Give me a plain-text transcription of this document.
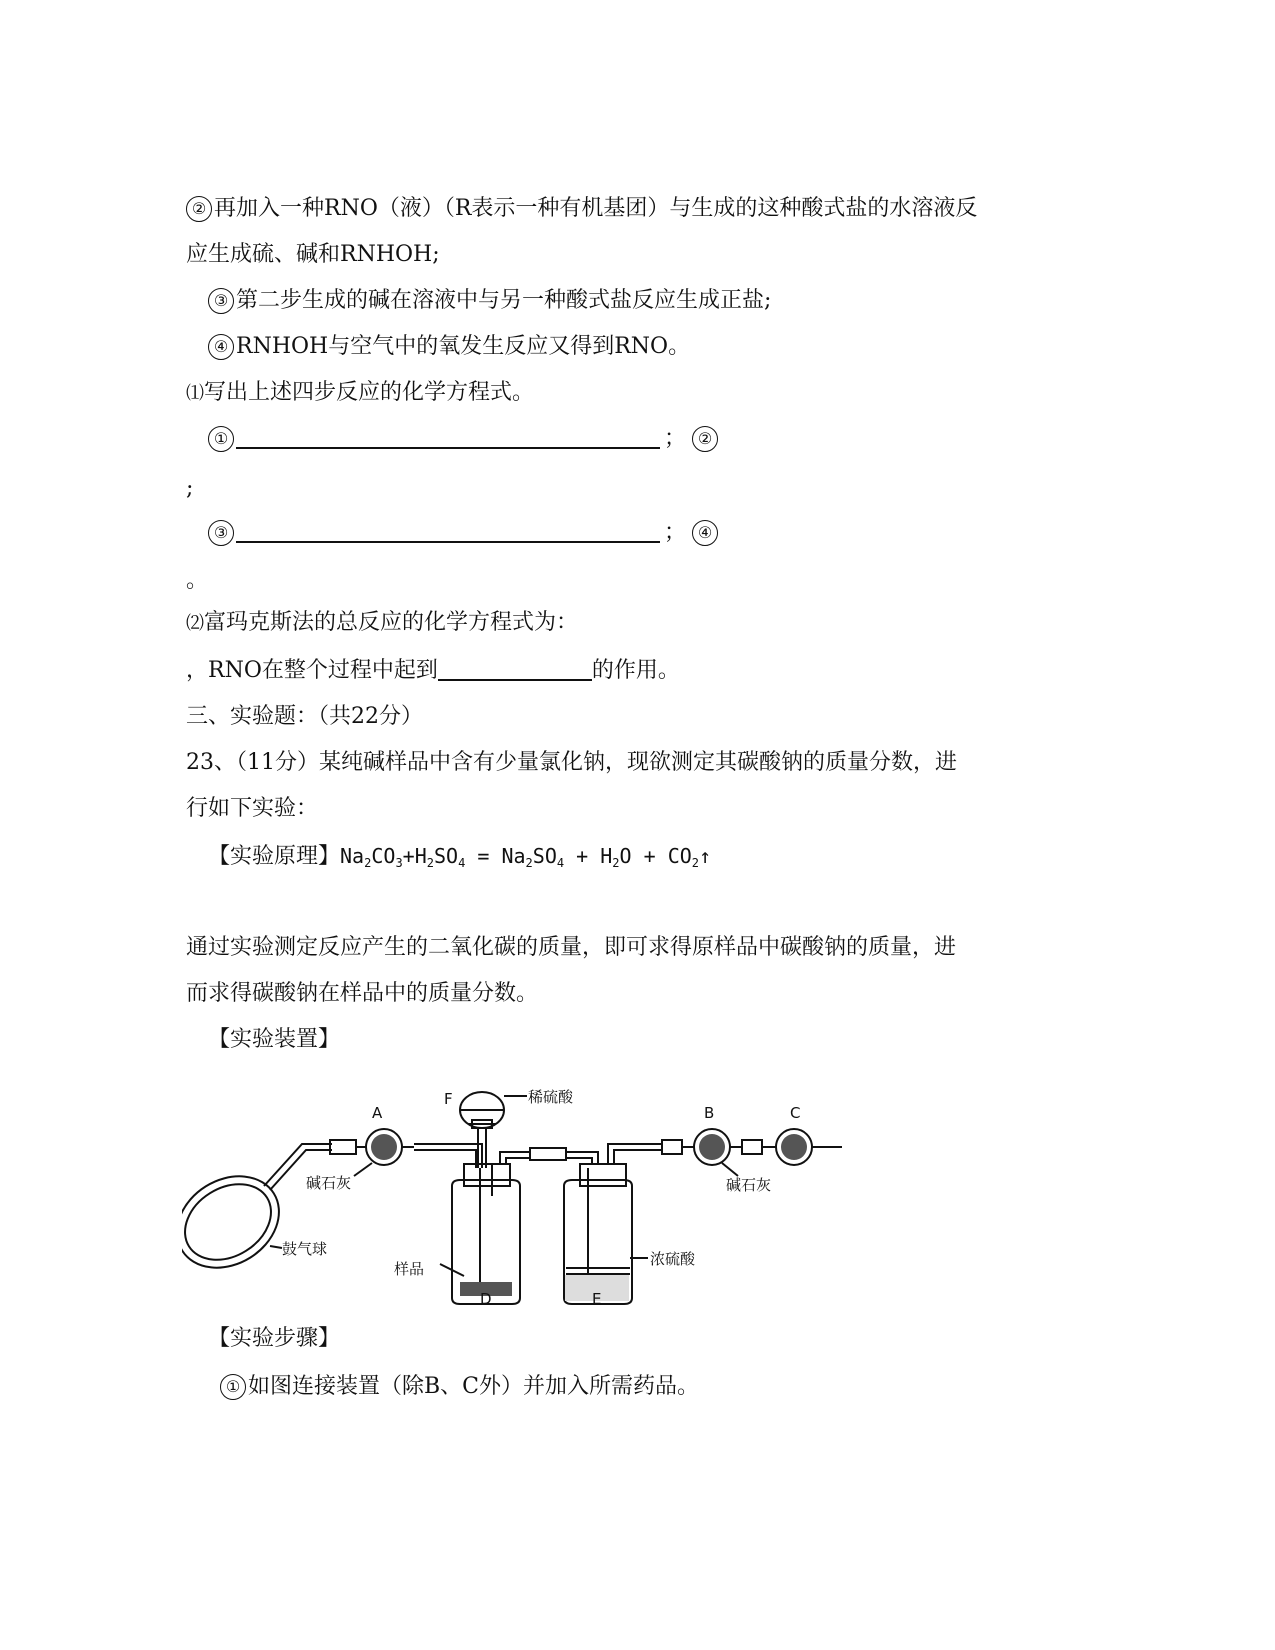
② 再加入一种RNO（液）（R表示一种有机基团）与生成的这种酸式盐的水溶液反
应生成硫、碱和RNHOH;
③ 第二步生成的碱在溶液中与另一种酸式盐反应生成正盐;
④ RNHOH与空气中的氧发生反应又得到RNO。
⑴写出上述四步反应的化学方程式。
①	； ②
;
③	； ④
。
⑵富玛克斯法的总反应的化学方程式为：
，RNO在整个过程中起到	的作用。
三、实验题：（共22分）
23、（11分）某纯碱样品中含有少量氯化钠，现欲测定其碳酸钠的质量分数，进
行如下实验：
【实验原理】$Na_2CO_3+H_2SO_4 = Na_2SO_4 + H_2O$ + $CO_2↑$
通过实验测定反应产生的二氧化碳的质量，即可求得原样品中碳酸钠的质量，进
而求得碳酸钠在样品中的质量分数。
【实验装置】
F	稀硫酸
A	B	C
碱石灰	碱石灰
鼓气球
样品
浓硫酸
D	E
【实验步骤】
① 如图连接装置（除B、C外）并加入所需药品。
